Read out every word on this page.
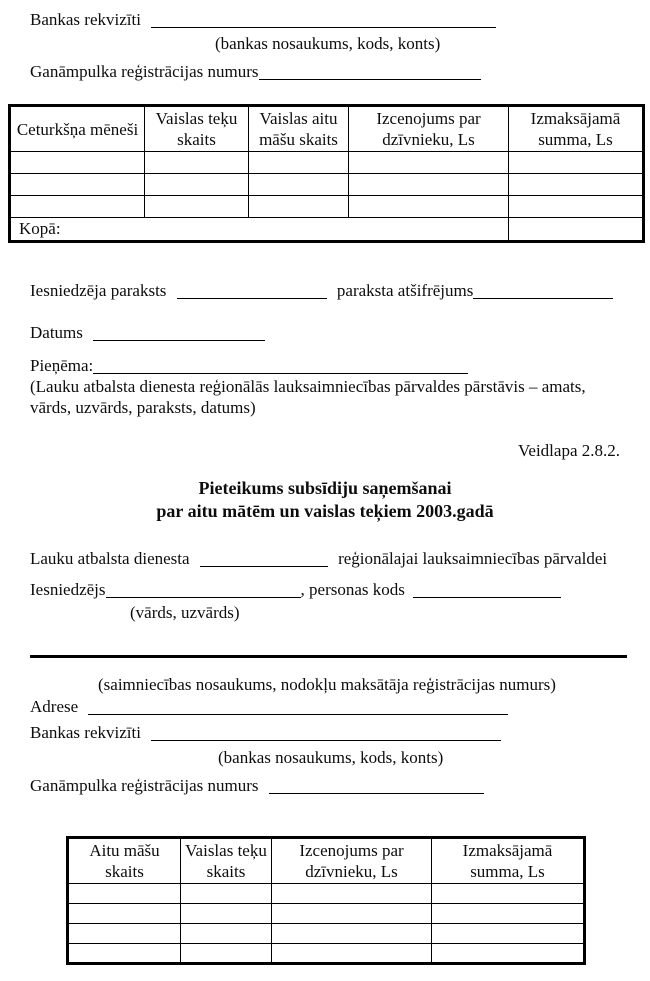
Bankas rekvizīti
(bankas nosaukums, kods, konts)
Ganāmpulka reģistrācijas numurs
Ceturkšņa mēneši	Vaislas teķu skaits	Vaislas aitu māšu skaits	Izcenojums par dzīvnieku, Ls	Izmaksājamā summa, Ls

Kopā:				
Iesniedzēja paraksts	paraksta atšifrējums
Datums
Pieņēma:
(Lauku atbalsta dienesta reģionālās lauksaimniecības pārvaldes pārstāvis – amats, vārds, uzvārds, paraksts, datums)
Veidlapa 2.8.2.
Pieteikums subsīdiju saņemšanai
par aitu mātēm un vaislas teķiem 2003.gadā
Lauku atbalsta dienesta	reģionālajai lauksaimniecības pārvaldei
Iesniedzējs	, personas kods
(vārds, uzvārds)
(saimniecības nosaukums, nodokļu maksātāja reģistrācijas numurs)
Adrese
Bankas rekvizīti
(bankas nosaukums, kods, konts)
Ganāmpulka reģistrācijas numurs
Aitu māšu skaits	Vaislas teķu skaits	Izcenojums par dzīvnieku, Ls	Izmaksājamā summa, Ls
